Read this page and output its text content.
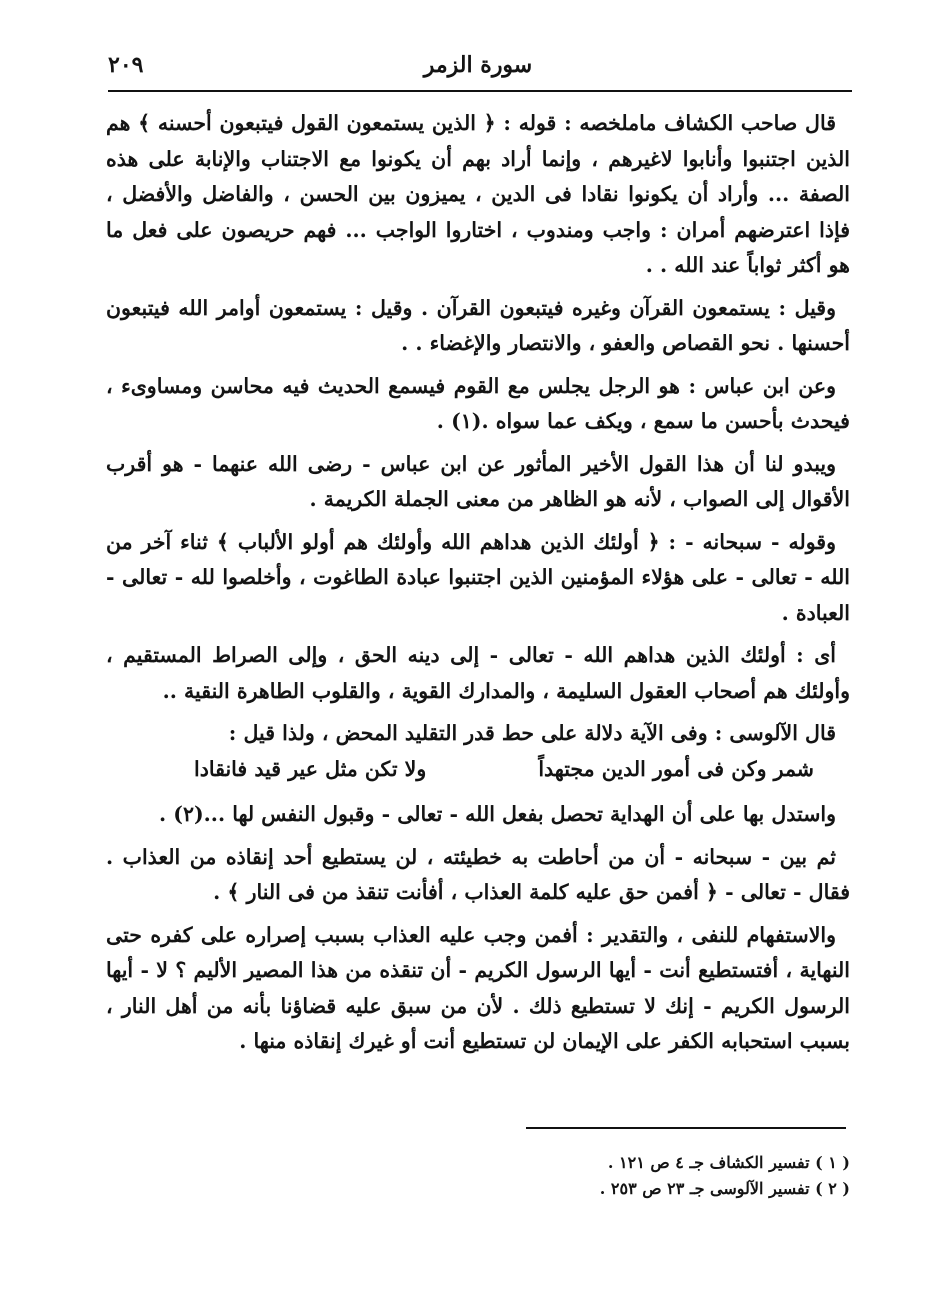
٢٠٩	سورة الزمر

قال صاحب الكشاف ماملخصه : قوله : ﴿ الذين يستمعون القول فيتبعون أحسنه ﴾ هم الذين اجتنبوا وأنابوا لاغيرهم ، وإنما أراد بهم أن يكونوا مع الاجتناب والإنابة على هذه الصفة ... وأراد أن يكونوا نقادا فى الدين ، يميزون بين الحسن ، والفاضل والأفضل ، فإذا اعترضهم أمران : واجب ومندوب ، اختاروا الواجب ... فهم حريصون على فعل ما هو أكثر ثواباً عند الله . .

وقيل : يستمعون القرآن وغيره فيتبعون القرآن . وقيل : يستمعون أوامر الله فيتبعون أحسنها . نحو القصاص والعفو ، والانتصار والإغضاء . .

وعن ابن عباس : هو الرجل يجلس مع القوم فيسمع الحديث فيه محاسن ومساوىء ، فيحدث بأحسن ما سمع ، ويكف عما سواه .(١) .

ويبدو لنا أن هذا القول الأخير المأثور عن ابن عباس - رضى الله عنهما - هو أقرب الأقوال إلى الصواب ، لأنه هو الظاهر من معنى الجملة الكريمة .

وقوله - سبحانه - : ﴿ أولئك الذين هداهم الله وأولئك هم أولو الألباب ﴾ ثناء آخر من الله - تعالى - على هؤلاء المؤمنين الذين اجتنبوا عبادة الطاغوت ، وأخلصوا لله - تعالى - العبادة .

أى : أولئك الذين هداهم الله - تعالى - إلى دينه الحق ، وإلى الصراط المستقيم ، وأولئك هم أصحاب العقول السليمة ، والمدارك القوية ، والقلوب الطاهرة النقية ..

قال الآلوسى : وفى الآية دلالة على حط قدر التقليد المحض ، ولذا قيل :

شمر وكن فى أمور الدين مجتهداً
ولا تكن مثل عير قيد فانقادا

واستدل بها على أن الهداية تحصل بفعل الله - تعالى - وقبول النفس لها ...(٢) .

ثم بين - سبحانه - أن من أحاطت به خطيئته ، لن يستطيع أحد إنقاذه من العذاب . فقال - تعالى - ﴿ أفمن حق عليه كلمة العذاب ، أفأنت تنقذ من فى النار ﴾ .

والاستفهام للنفى ، والتقدير : أفمن وجب عليه العذاب بسبب إصراره على كفره حتى النهاية ، أفتستطيع أنت - أيها الرسول الكريم - أن تنقذه من هذا المصير الأليم ؟ لا - أيها الرسول الكريم - إنك لا تستطيع ذلك . لأن من سبق عليه قضاؤنا بأنه من أهل النار ، بسبب استحبابه الكفر على الإيمان لن تستطيع أنت أو غيرك إنقاذه منها .

( ١ ) تفسير الكشاف جـ ٤ ص ١٢١ .
( ٢ ) تفسير الآلوسى جـ ٢٣ ص ٢٥٣ .
